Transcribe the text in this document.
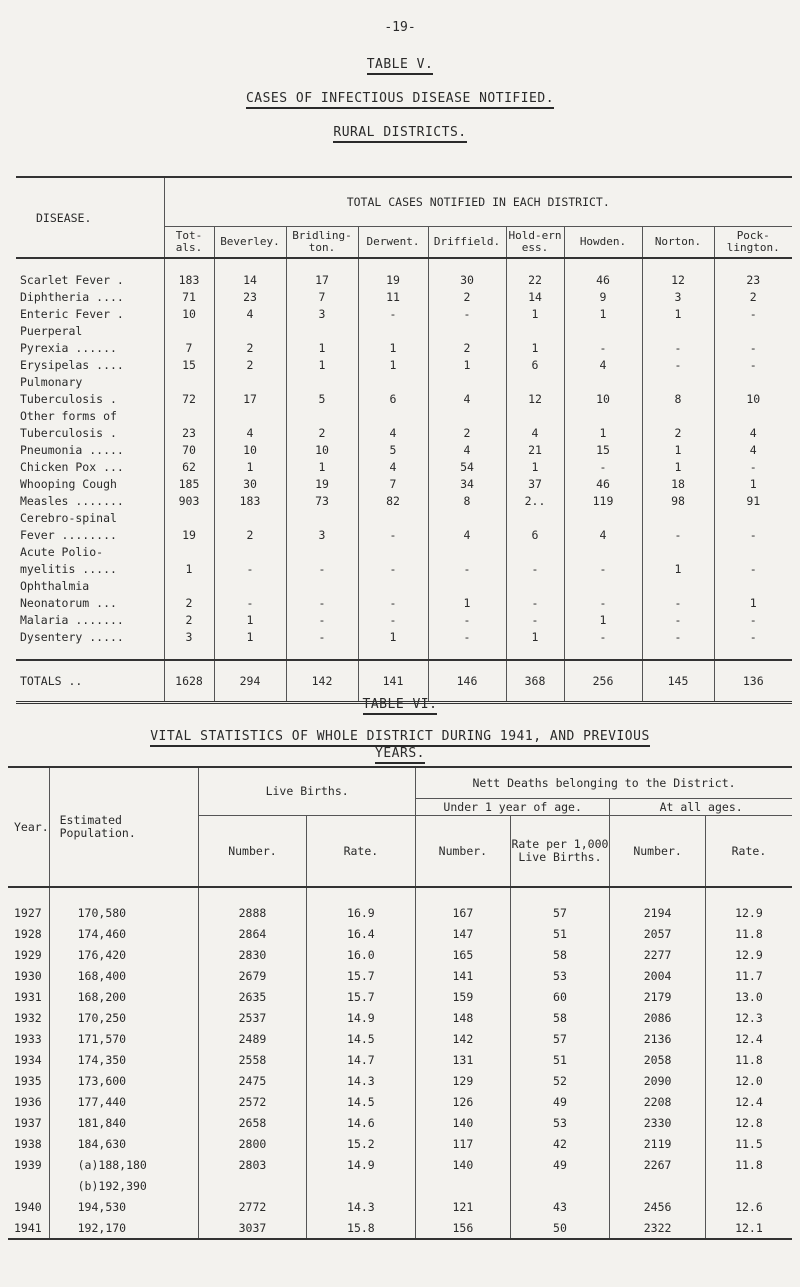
-19-
TABLE V.
CASES OF INFECTIOUS DISEASE NOTIFIED.
RURAL DISTRICTS.
DISEASE.	TOTAL CASES NOTIFIED IN EACH DISTRICT.								
	Tot-als.	Beverley.	Bridling-ton.	Derwent.	Driffield.	Hold-ern ess.	Howden.	Norton.	Pock-lington.
Scarlet Fever .	183	14	17	19	30	22	46	12	23
Diphtheria ....	71	23	7	11	2	14	9	3	2
Enteric Fever .	10	4	3	-	-	1	1	1	-
Puerperal									
Pyrexia ......	7	2	1	1	2	1	-	-	-
Erysipelas ....	15	2	1	1	1	6	4	-	-
Pulmonary									
Tuberculosis .	72	17	5	6	4	12	10	8	10
Other forms of									
Tuberculosis .	23	4	2	4	2	4	1	2	4
Pneumonia .....	70	10	10	5	4	21	15	1	4
Chicken Pox ...	62	1	1	4	54	1	-	1	-
Whooping Cough	185	30	19	7	34	37	46	18	1
Measles .......	903	183	73	82	8	2..	119	98	91
Cerebro-spinal									
Fever ........	19	2	3	-	4	6	4	-	-
Acute Polio-									
myelitis .....	1	-	-	-	-	-	-	1	-
Ophthalmia									
Neonatorum ...	2	-	-	-	1	-	-	-	1
Malaria .......	2	1	-	-	-	-	1	-	-
Dysentery .....	3	1	-	1	-	1	-	-	-

TOTALS ..	1628	294	142	141	146	368	256	145	136
TABLE VI.
VITAL STATISTICS OF WHOLE DISTRICT DURING 1941, AND PREVIOUS
YEARS.
Year.	Estimated Population.	Live Births.		Nett Deaths belonging to the District.			
				Under 1 year of age.		At all ages.	
		Number.	Rate.	Number.	Rate per 1,000 Live Births.	Number.	Rate.
1927	170,580	2888	16.9	167	57	2194	12.9
1928	174,460	2864	16.4	147	51	2057	11.8
1929	176,420	2830	16.0	165	58	2277	12.9
1930	168,400	2679	15.7	141	53	2004	11.7
1931	168,200	2635	15.7	159	60	2179	13.0
1932	170,250	2537	14.9	148	58	2086	12.3
1933	171,570	2489	14.5	142	57	2136	12.4
1934	174,350	2558	14.7	131	51	2058	11.8
1935	173,600	2475	14.3	129	52	2090	12.0
1936	177,440	2572	14.5	126	49	2208	12.4
1937	181,840	2658	14.6	140	53	2330	12.8
1938	184,630	2800	15.2	117	42	2119	11.5
1939	(a)188,180	2803	14.9	140	49	2267	11.8
	(b)192,390						
1940	194,530	2772	14.3	121	43	2456	12.6
1941	192,170	3037	15.8	156	50	2322	12.1
